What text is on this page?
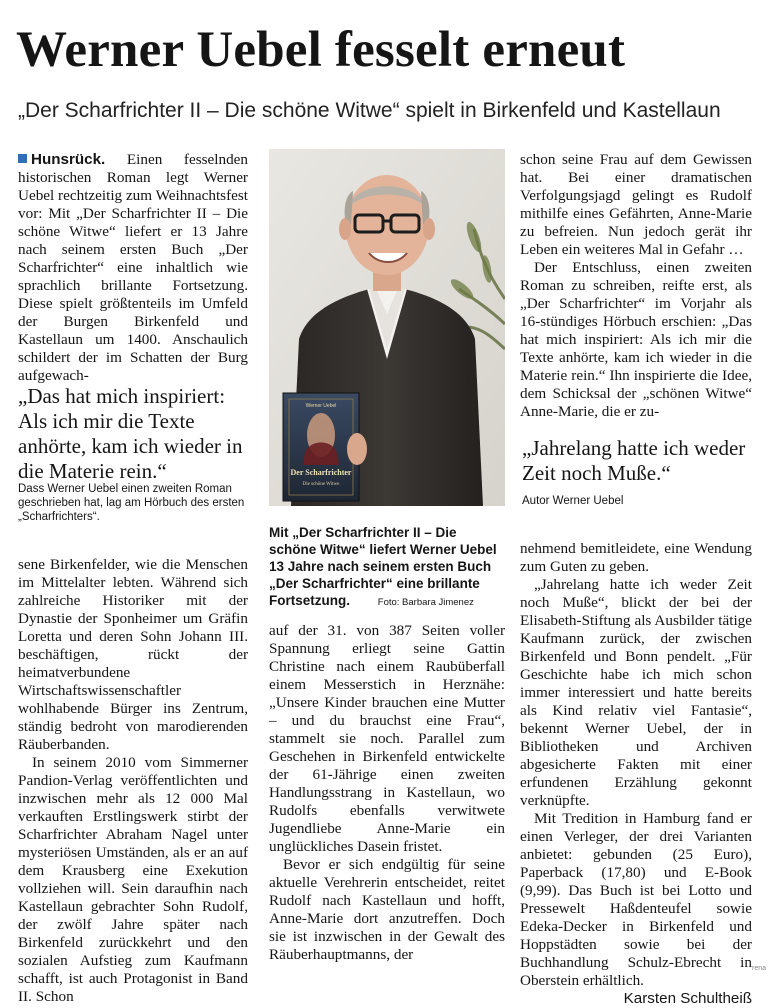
Werner Uebel fesselt erneut
„Der Scharfrichter II – Die schöne Witwe“ spielt in Birkenfeld und Kastellaun

Hunsrück. Einen fesselnden historischen Roman legt Werner Uebel rechtzeitig zum Weihnachtsfest vor: Mit „Der Scharfrichter II – Die schöne Witwe“ liefert er 13 Jahre nach seinem ersten Buch „Der Scharfrichter“ eine inhaltlich wie sprachlich brillante Fortsetzung. Diese spielt größtenteils im Umfeld der Burgen Birkenfeld und Kastellaun um 1400. Anschaulich schildert der im Schatten der Burg aufgewach-

„Das hat mich inspiriert: Als ich mir die Texte anhörte, kam ich wieder in die Materie rein.“
Dass Werner Uebel einen zweiten Roman geschrieben hat, lag am Hörbuch des ersten „Scharfrichters“.

sene Birkenfelder, wie die Menschen im Mittelalter lebten. Während sich zahlreiche Historiker mit der Dynastie der Sponheimer um Gräfin Loretta und deren Sohn Johann III. beschäftigen, rückt der heimatverbundene Wirtschaftswissenschaftler wohlhabende Bürger ins Zentrum, ständig bedroht von marodierenden Räuberbanden.

In seinem 2010 vom Simmerner Pandion-Verlag veröffentlichten und inzwischen mehr als 12 000 Mal verkauften Erstlingswerk stirbt der Scharfrichter Abraham Nagel unter mysteriösen Umständen, als er an auf dem Krausberg eine Exekution vollziehen will. Sein daraufhin nach Kastellaun gebrachter Sohn Rudolf, der zwölf Jahre später nach Birkenfeld zurückkehrt und den sozialen Aufstieg zum Kaufmann schafft, ist auch Protagonist in Band II. Schon

Werner Uebel
Der Scharfrichter
Die schöne Witwe
Mit „Der Scharfrichter II – Die schöne Witwe“ liefert Werner Uebel 13 Jahre nach seinem ersten Buch „Der Scharfrichter“ eine brillante Fortsetzung.	Foto: Barbara Jimenez

auf der 31. von 387 Seiten voller Spannung erliegt seine Gattin Christine nach einem Raubüberfall einem Messerstich in Herznähe: „Unsere Kinder brauchen eine Mutter – und du brauchst eine Frau“, stammelt sie noch. Parallel zum Geschehen in Birkenfeld entwickelte der 61-Jährige einen zweiten Handlungsstrang in Kastellaun, wo Rudolfs ebenfalls verwitwete Jugendliebe Anne-Marie ein unglückliches Dasein fristet.

Bevor er sich endgültig für seine aktuelle Verehrerin entscheidet, reitet Rudolf nach Kastellaun und hofft, Anne-Marie dort anzutreffen. Doch sie ist inzwischen in der Gewalt des Räuberhauptmanns, der

schon seine Frau auf dem Gewissen hat. Bei einer dramatischen Verfolgungsjagd gelingt es Rudolf mithilfe eines Gefährten, Anne-Marie zu befreien. Nun jedoch gerät ihr Leben ein weiteres Mal in Gefahr …

Der Entschluss, einen zweiten Roman zu schreiben, reifte erst, als „Der Scharfrichter“ im Vorjahr als 16-stündiges Hörbuch erschien: „Das hat mich inspiriert: Als ich mir die Texte anhörte, kam ich wieder in die Materie rein.“ Ihn inspirierte die Idee, dem Schicksal der „schönen Witwe“ Anne-Marie, die er zu-

„Jahrelang hatte ich weder Zeit noch Muße.“
Autor Werner Uebel

nehmend bemitleidete, eine Wendung zum Guten zu geben.

„Jahrelang hatte ich weder Zeit noch Muße“, blickt der bei der Elisabeth-Stiftung als Ausbilder tätige Kaufmann zurück, der zwischen Birkenfeld und Bonn pendelt. „Für Geschichte habe ich mich schon immer interessiert und hatte bereits als Kind relativ viel Fantasie“, bekennt Werner Uebel, der in Bibliotheken und Archiven abgesicherte Fakten mit einer erfundenen Erzählung gekonnt verknüpfte.

Mit Tredition in Hamburg fand er einen Verleger, der drei Varianten anbietet: gebunden (25 Euro), Paperback (17,80) und E-Book (9,99). Das Buch ist bei Lotto und Pressewelt Haßdenteufel sowie Edeka-Decker in Birkenfeld und Hoppstädten sowie bei der Buchhandlung Schulz-Ebrecht in Oberstein erhältlich.
Karsten Schultheiß

rena
